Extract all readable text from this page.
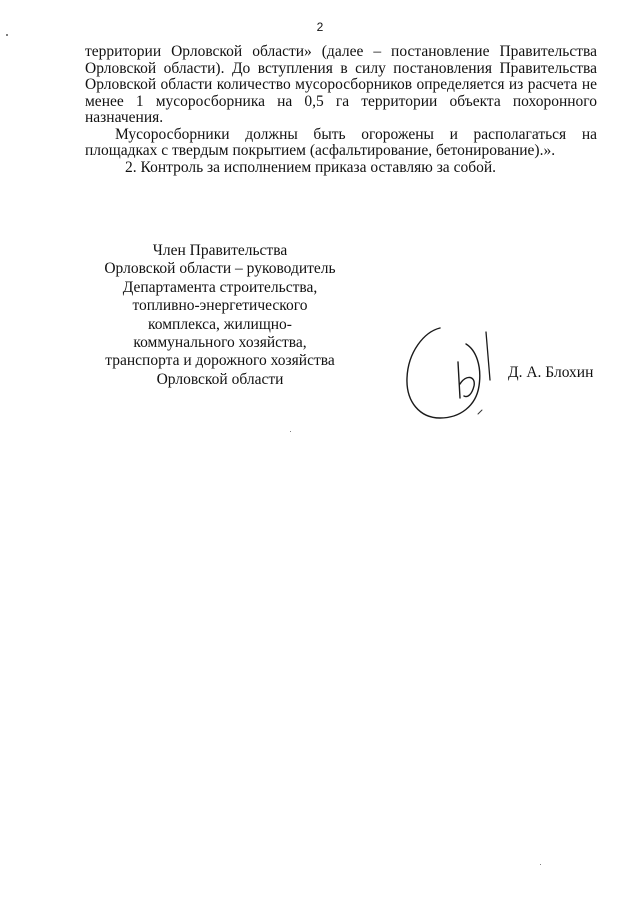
2

территории Орловской области» (далее – постановление Правительства Орловской области). До вступления в силу постановления Правительства Орловской области количество мусоросборников определяется из расчета не менее 1 мусоросборника на 0,5 га территории объекта похоронного назначения.

Мусоросборники должны быть огорожены и располагаться на площадках с твердым покрытием (асфальтирование, бетонирование).».

2. Контроль за исполнением приказа оставляю за собой.

Член Правительства
Орловской области – руководитель
Департамента строительства,
топливно-энергетического
комплекса, жилищно-
коммунального хозяйства,
транспорта и дорожного хозяйства
Орловской области	Д. А. Блохин
